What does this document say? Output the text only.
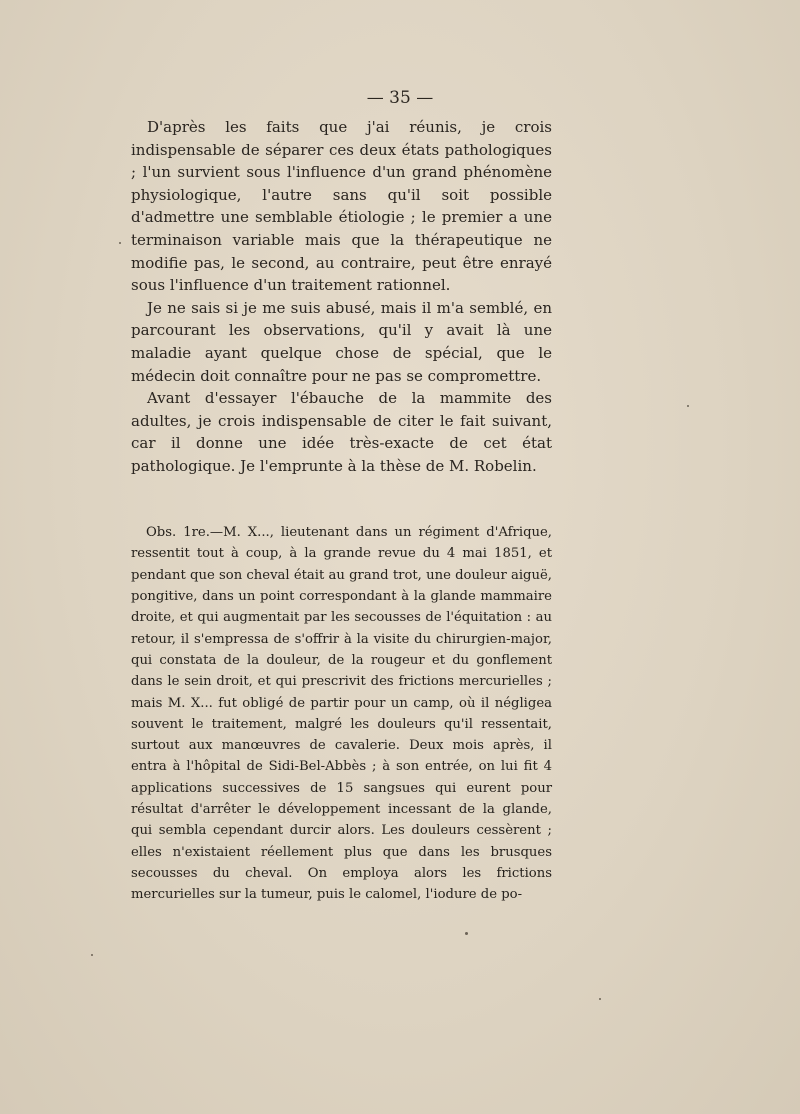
— 35 —

D'après les faits que j'ai réunis, je crois indispensable de séparer ces deux états pathologiques ; l'un survient sous l'influence d'un grand phénomène physiologique, l'autre sans qu'il soit possible d'admettre une semblable étiologie ; le premier a une terminaison variable mais que la thérapeutique ne modifie pas, le second, au contraire, peut être enrayé sous l'influence d'un traitement rationnel.

Je ne sais si je me suis abusé, mais il m'a semblé, en parcourant les observations, qu'il y avait là une maladie ayant quelque chose de spécial, que le médecin doit connaître pour ne pas se compromettre.

Avant d'essayer l'ébauche de la mammite des adultes, je crois indispensable de citer le fait suivant, car il donne une idée très-exacte de cet état pathologique. Je l'emprunte à la thèse de M. Robelin.

Obs. 1re.—M. X..., lieutenant dans un régiment d'Afrique, ressentit tout à coup, à la grande revue du 4 mai 1851, et pendant que son cheval était au grand trot, une douleur aiguë, pongitive, dans un point correspondant à la glande mammaire droite, et qui augmentait par les secousses de l'équitation : au retour, il s'empressa de s'offrir à la visite du chirurgien-major, qui constata de la douleur, de la rougeur et du gonflement dans le sein droit, et qui prescrivit des frictions mercurielles ; mais M. X... fut obligé de partir pour un camp, où il négligea souvent le traitement, malgré les douleurs qu'il ressentait, surtout aux manœuvres de cavalerie. Deux mois après, il entra à l'hôpital de Sidi-Bel-Abbès ; à son entrée, on lui fit 4 applications successives de 15 sangsues qui eurent pour résultat d'arrêter le développement incessant de la glande, qui sembla cependant durcir alors. Les douleurs cessèrent ; elles n'existaient réellement plus que dans les brusques secousses du cheval. On employa alors les frictions mercurielles sur la tumeur, puis le calomel, l'iodure de po-
